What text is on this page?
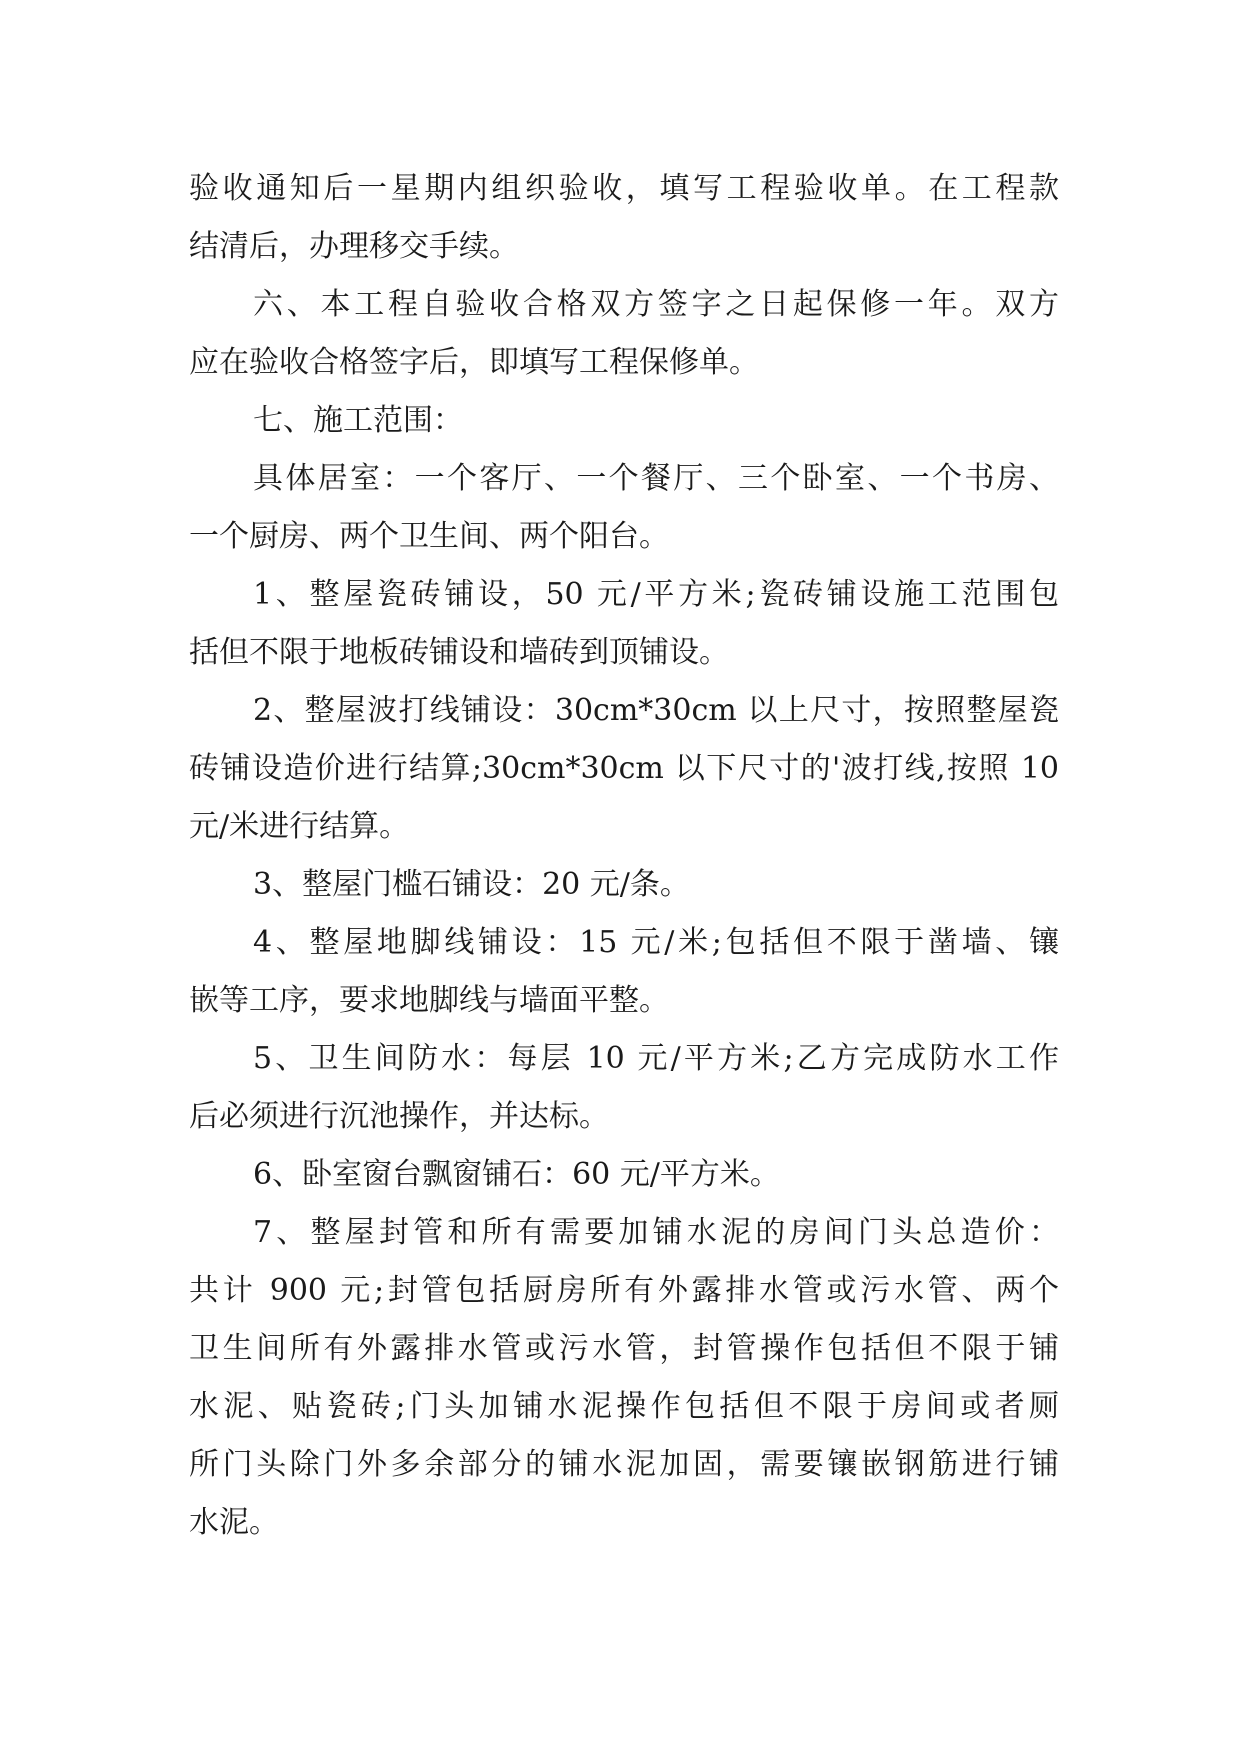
验收通知后一星期内组织验收，填写工程验收单。在工程款
结清后，办理移交手续。
六、本工程自验收合格双方签字之日起保修一年。双方
应在验收合格签字后，即填写工程保修单。
七、施工范围：
具体居室：一个客厅、一个餐厅、三个卧室、一个书房、
一个厨房、两个卫生间、两个阳台。
1、整屋瓷砖铺设，50 元/平方米;瓷砖铺设施工范围包
括但不限于地板砖铺设和墙砖到顶铺设。
2、整屋波打线铺设：30cm*30cm 以上尺寸，按照整屋瓷
砖铺设造价进行结算;30cm*30cm 以下尺寸的'波打线,按照 10
元/米进行结算。
3、整屋门槛石铺设：20 元/条。
4、整屋地脚线铺设：15 元/米;包括但不限于凿墙、镶
嵌等工序，要求地脚线与墙面平整。
5、卫生间防水：每层 10 元/平方米;乙方完成防水工作
后必须进行沉池操作，并达标。
6、卧室窗台飘窗铺石：60 元/平方米。
7、整屋封管和所有需要加铺水泥的房间门头总造价：
共计 900 元;封管包括厨房所有外露排水管或污水管、两个
卫生间所有外露排水管或污水管，封管操作包括但不限于铺
水泥、贴瓷砖;门头加铺水泥操作包括但不限于房间或者厕
所门头除门外多余部分的铺水泥加固，需要镶嵌钢筋进行铺
水泥。
